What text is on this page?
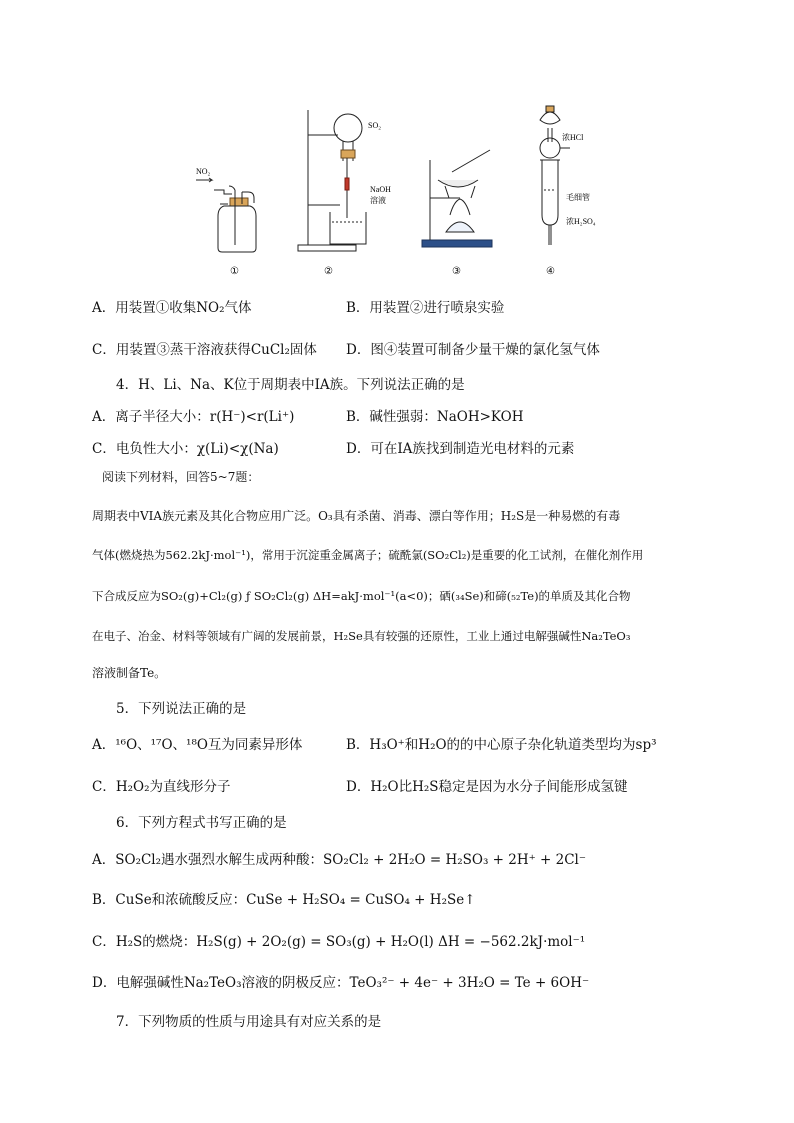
NO₂
SO₂
NaOH
溶液
浓HCl
毛细管
浓H₂SO₄
①	②	③	④
A．用装置①收集NO₂气体	B．用装置②进行喷泉实验
C．用装置③蒸干溶液获得CuCl₂固体 D．图④装置可制备少量干燥的氯化氢气体
4．H、Li、Na、K位于周期表中IA族。下列说法正确的是
A．离子半径大小：r(H⁻)<r(Li⁺)	B．碱性强弱：NaOH>KOH
C．电负性大小：χ(Li)<χ(Na)	D．可在IA族找到制造光电材料的元素
阅读下列材料，回答5~7题：
周期表中VIA族元素及其化合物应用广泛。O₃具有杀菌、消毒、漂白等作用；H₂S是一种易燃的有毒
气体(燃烧热为562.2kJ·mol⁻¹)，常用于沉淀重金属离子；硫酰氯(SO₂Cl₂)是重要的化工试剂，在催化剂作用
下合成反应为SO₂(g)+Cl₂(g) ƒ SO₂Cl₂(g) ΔH=akJ·mol⁻¹(a<0)；硒(₃₄Se)和碲(₅₂Te)的单质及其化合物
在电子、冶金、材料等领域有广阔的发展前景，H₂Se具有较强的还原性，工业上通过电解强碱性Na₂TeO₃
溶液制备Te。
5．下列说法正确的是
A．¹⁶O、¹⁷O、¹⁸O互为同素异形体	B．H₃O⁺和H₂O的的中心原子杂化轨道类型均为sp³
C．H₂O₂为直线形分子	D．H₂O比H₂S稳定是因为水分子间能形成氢键
6．下列方程式书写正确的是
A．SO₂Cl₂遇水强烈水解生成两种酸：SO₂Cl₂ + 2H₂O = H₂SO₃ + 2H⁺ + 2Cl⁻
B．CuSe和浓硫酸反应：CuSe + H₂SO₄ = CuSO₄ + H₂Se↑
C．H₂S的燃烧：H₂S(g) + 2O₂(g) = SO₃(g) + H₂O(l) ΔH = −562.2kJ·mol⁻¹
D．电解强碱性Na₂TeO₃溶液的阴极反应：TeO₃²⁻ + 4e⁻ + 3H₂O = Te + 6OH⁻
7．下列物质的性质与用途具有对应关系的是
